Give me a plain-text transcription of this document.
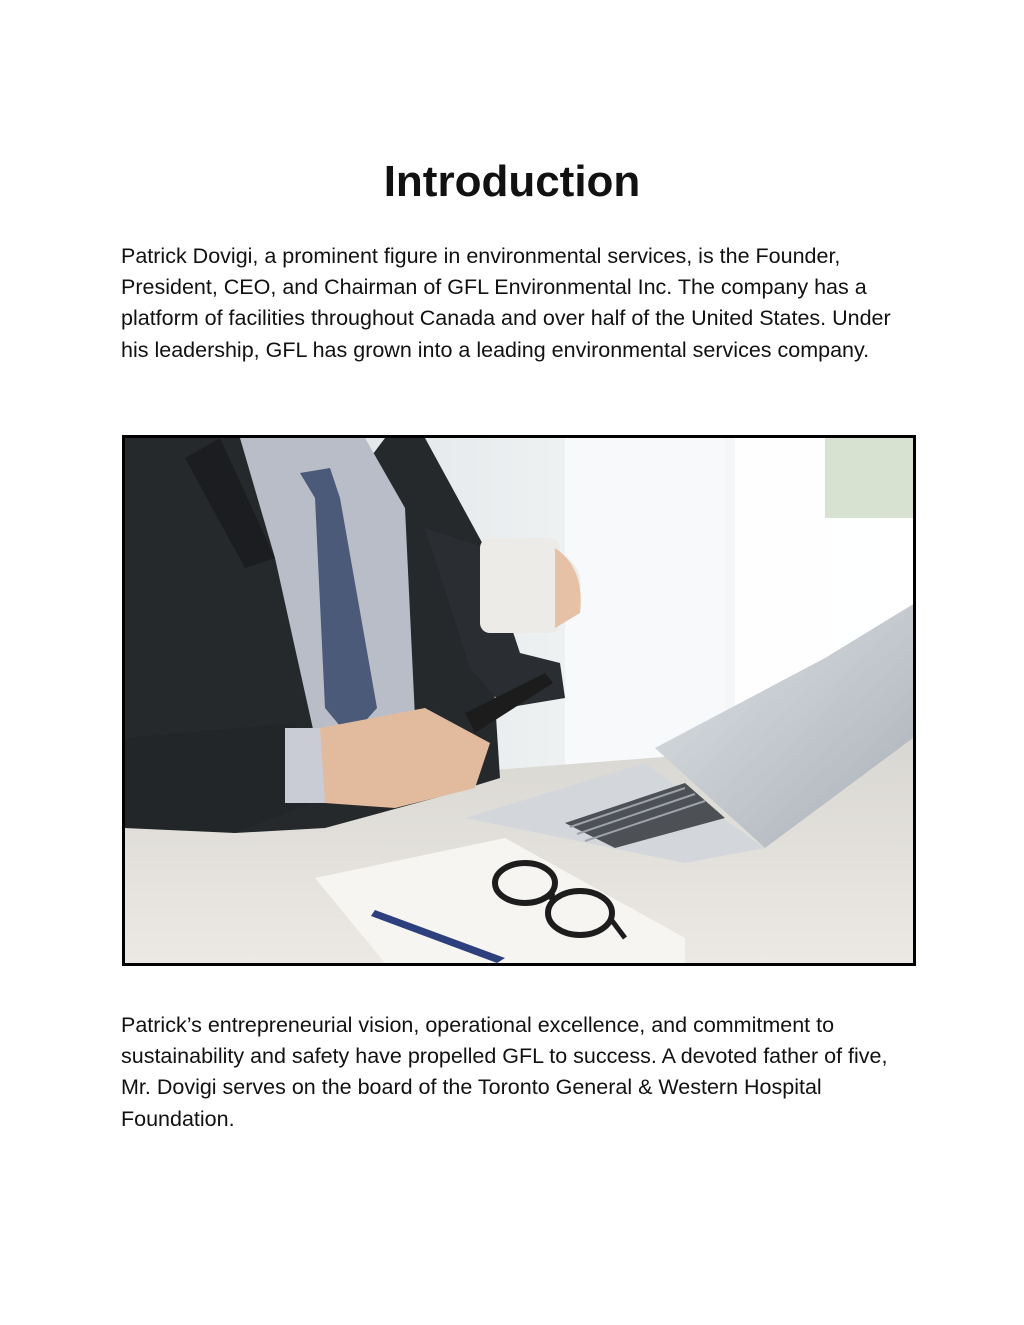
Introduction

Patrick Dovigi, a prominent figure in environmental services, is the Founder, President, CEO, and Chairman of GFL Environmental Inc. The company has a platform of facilities throughout Canada and over half of the United States. Under his leadership, GFL has grown into a leading environmental services company.

Patrick’s entrepreneurial vision, operational excellence, and commitment to sustainability and safety have propelled GFL to success. A devoted father of five, Mr. Dovigi serves on the board of the Toronto General & Western Hospital Foundation.
